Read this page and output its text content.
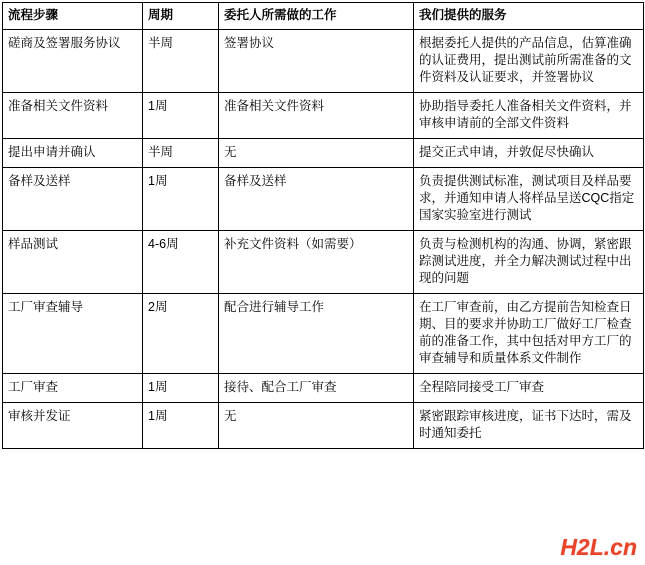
流程步骤	周期	委托人所需做的工作	我们提供的服务

磋商及签署服务协议	半周	签署协议	根据委托人提供的产品信息，估算准确的认证费用，提出测试前所需准备的文件资料及认证要求，并签署协议

准备相关文件资料	1周	准备相关文件资料	协助指导委托人准备相关文件资料，并审核申请前的全部文件资料

提出申请并确认	半周	无	提交正式申请，并敦促尽快确认

备样及送样	1周	备样及送样	负责提供测试标准，测试项目及样品要求，并通知申请人将样品呈送CQC指定国家实验室进行测试

样品测试	4-6周	补充文件资料（如需要）	负责与检测机构的沟通、协调，紧密跟踪测试进度，并全力解决测试过程中出现的问题

工厂审查辅导	2周	配合进行辅导工作	在工厂审查前，由乙方提前告知检查日期、目的要求并协助工厂做好工厂检查前的准备工作，其中包括对甲方工厂的审查辅导和质量体系文件制作

工厂审查	1周	接待、配合工厂审查	全程陪同接受工厂审查

审核并发证	1周	无	紧密跟踪审核进度，证书下达时，需及时通知委托
H2L.cn
